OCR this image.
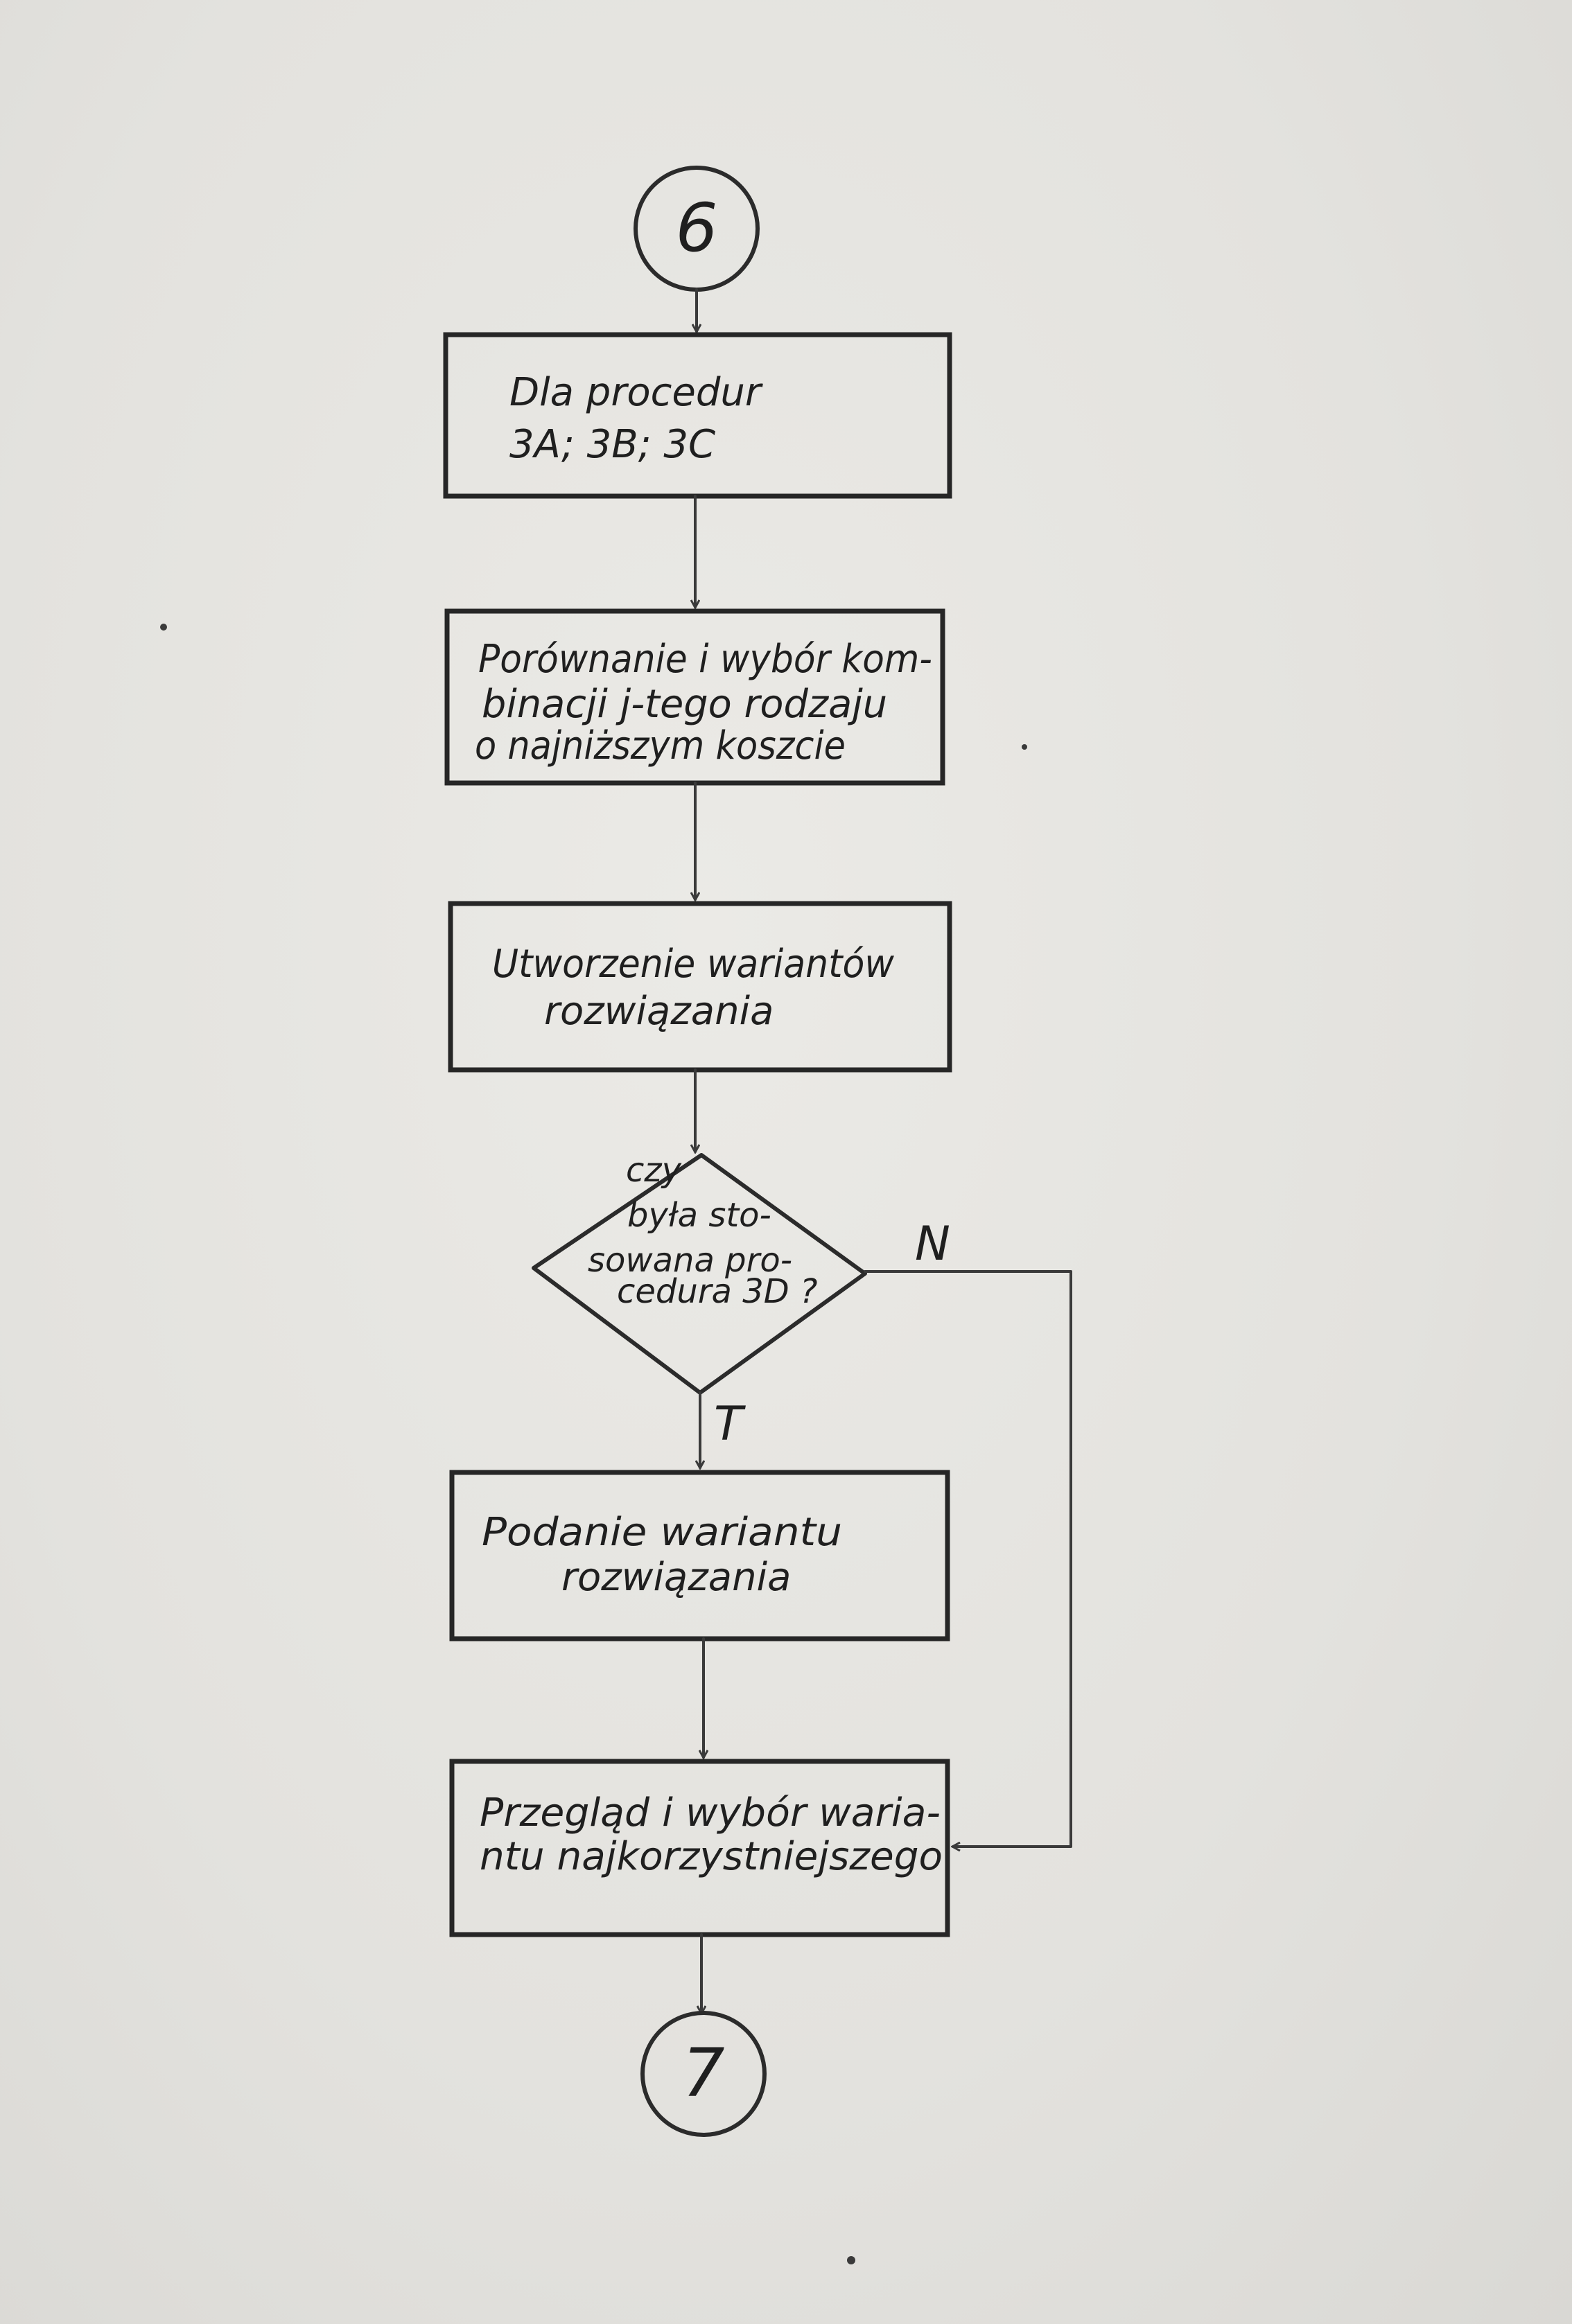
6
Dla procedur
3A; 3B; 3C
Porównanie i wybór kom-
binacji j-tego rodzaju
o najniższym koszcie
Utworzenie wariantów
rozwiązania
czy
była sto-
sowana pro-
cedura 3D ?
N
T
Podanie wariantu
rozwiązania
Przegląd i wybór waria-
ntu najkorzystniejszego
7
